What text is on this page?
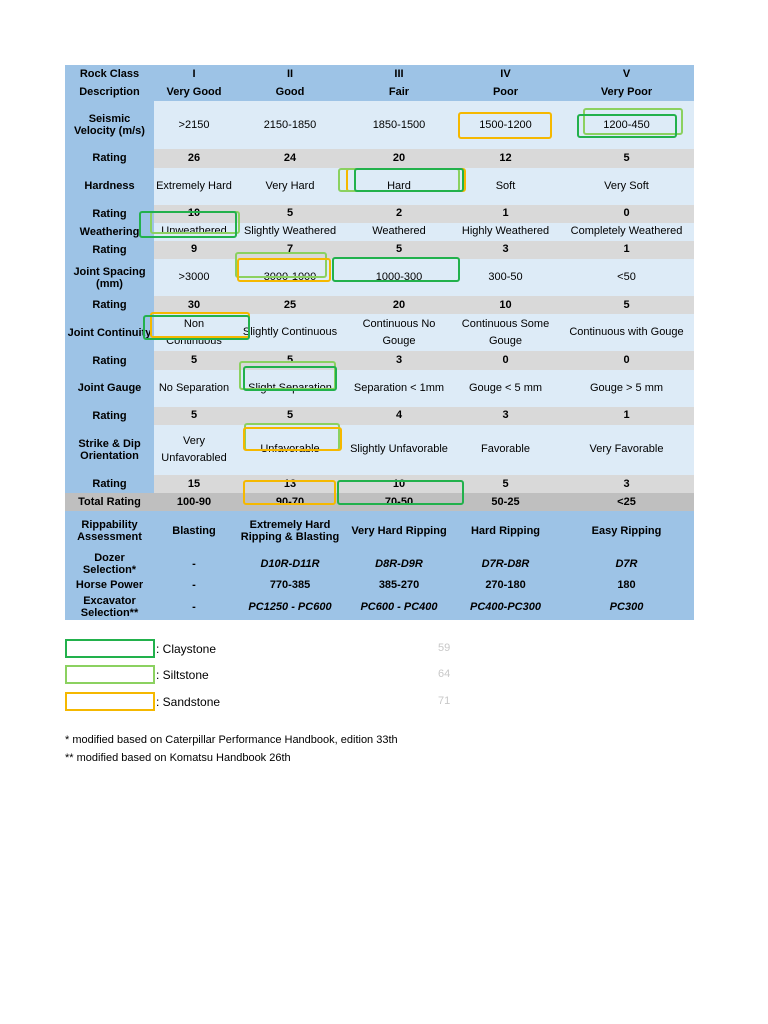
Rock Class	I	II	III	IV	V
Description	Very Good	Good	Fair	Poor	Very Poor
Seismic Velocity (m/s)	>2150	2150-1850	1850-1500	1500-1200	1200-450
Rating	26	24	20	12	5
Hardness	Extremely Hard	Very Hard	Hard	Soft	Very Soft
Rating	10	5	2	1	0
Weathering	Unweathered	Slightly Weathered	Weathered	Highly Weathered	Completely Weathered
Rating	9	7	5	3	1
Joint Spacing (mm)	>3000	3000-1000	1000-300	300-50	<50
Rating	30	25	20	10	5
Joint Continuity	Non Continuous	Slightly Continuous	Continuous No Gouge	Continuous Some Gouge	Continuous with Gouge
Rating	5	5	3	0	0
Joint Gauge	No Separation	Slight Separation	Separation < 1mm	Gouge < 5 mm	Gouge > 5 mm
Rating	5	5	4	3	1
Strike & Dip Orientation	Very Unfavorabled	Unfavorable	Slightly Unfavorable	Favorable	Very Favorable
Rating	15	13	10	5	3
Total Rating	100-90	90-70	70-50	50-25	<25
Rippability Assessment	Blasting	Extremely Hard Ripping & Blasting	Very Hard Ripping	Hard Ripping	Easy Ripping
Dozer Selection*	-	D10R-D11R	D8R-D9R	D7R-D8R	D7R
Horse Power	-	770-385	385-270	270-180	180
Excavator Selection**	-	PC1250 - PC600	PC600 - PC400	PC400-PC300	PC300
: Claystone	59
: Siltstone	64
: Sandstone	71
* modified based on Caterpillar Performance Handbook, edition 33th
** modified based on Komatsu Handbook 26th
